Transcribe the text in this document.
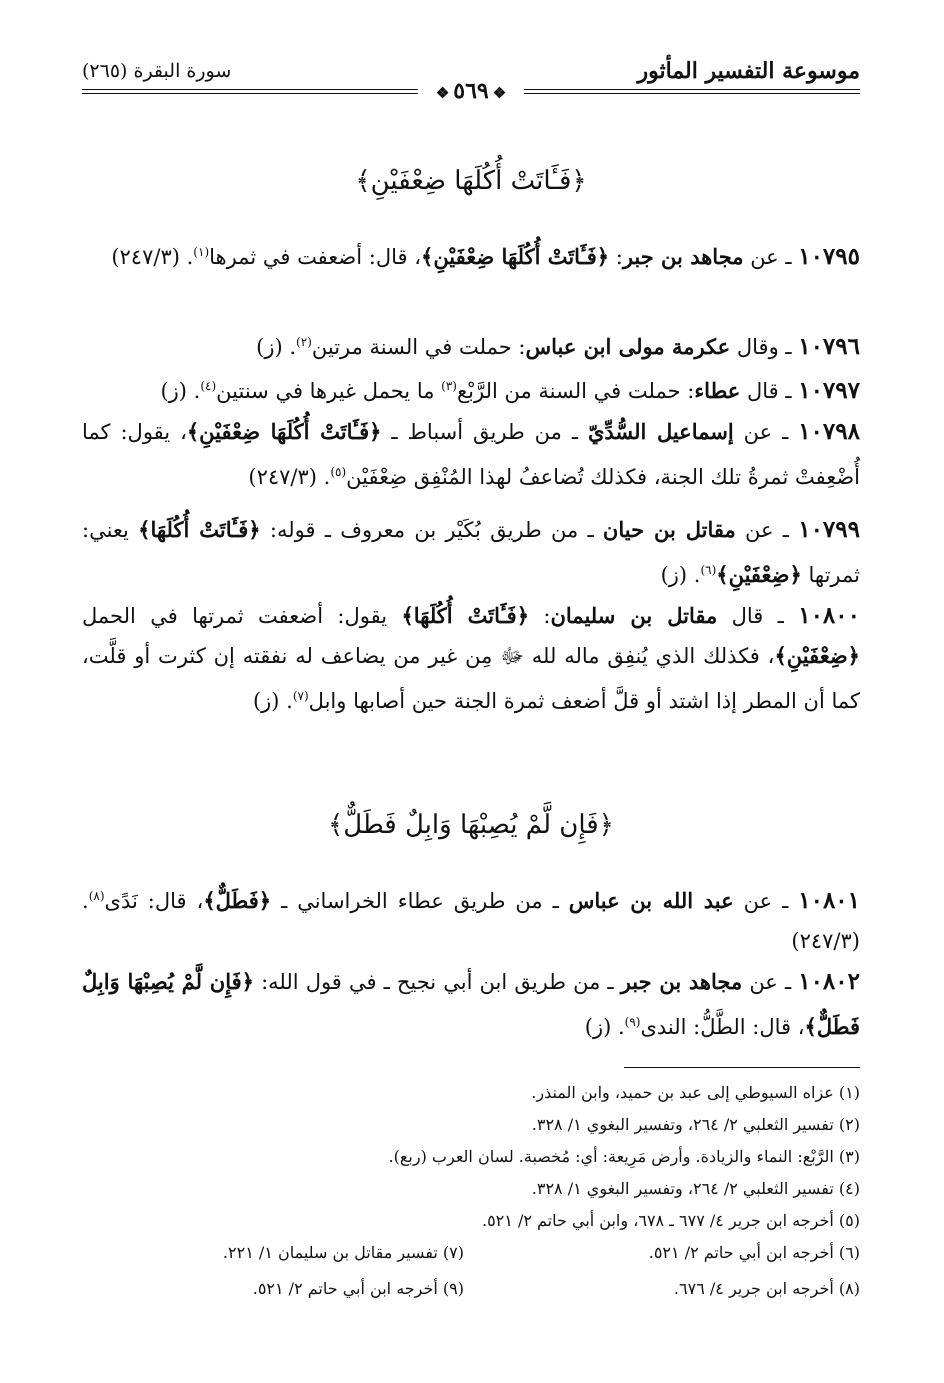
موسوعة التفسير المأثور
سورة البقرة (٢٦٥)
❖٥٦٩❖
﴿فَـَٔاتَتْ أُكُلَهَا ضِعْفَيْنِ﴾
١٠٧٩٥ ـ عن مجاهد بن جبر: ﴿فَـَٔاتَتْ أُكُلَهَا ضِعْفَيْنِ﴾، قال: أضعفت في ثمرها$^{(١)}$. (٢٤٧/٣)
١٠٧٩٦ ـ وقال عكرمة مولى ابن عباس: حملت في السنة مرتين$^{(٢)}$. (ز)
١٠٧٩٧ ـ قال عطاء: حملت في السنة من الرَّبْع$^{(٣)}$ ما يحمل غيرها في سنتين$^{(٤)}$. (ز)
١٠٧٩٨ ـ عن إسماعيل السُّدِّيّ ـ من طريق أسباط ـ ﴿فَـَٔاتَتْ أُكُلَهَا ضِعْفَيْنِ﴾، يقول: كما أُضْعِفتْ ثمرةُ تلك الجنة، فكذلك تُضاعفُ لهذا المُنْفِق ضِعْفَيْن$^{(٥)}$. (٢٤٧/٣)
١٠٧٩٩ ـ عن مقاتل بن حيان ـ من طريق بُكَيْر بن معروف ـ قوله: ﴿فَـَٔاتَتْ أُكُلَهَا﴾ يعني: ثمرتها ﴿ضِعْفَيْنِ﴾$^{(٦)}$. (ز)
١٠٨٠٠ ـ قال مقاتل بن سليمان: ﴿فَـَٔاتَتْ أُكُلَهَا﴾ يقول: أضعفت ثمرتها في الحمل ﴿ضِعْفَيْنِ﴾، فكذلك الذي يُنفِق ماله لله ﷻ مِن غير من يضاعف له نفقته إن كثرت أو قلَّت، كما أن المطر إذا اشتد أو قلَّ أضعف ثمرة الجنة حين أصابها وابل$^{(٧)}$. (ز)
﴿فَإِن لَّمْ يُصِبْهَا وَابِلٌ فَطَلٌّ﴾
١٠٨٠١ ـ عن عبد الله بن عباس ـ من طريق عطاء الخراساني ـ ﴿فَطَلٌّ﴾، قال: نَدًى$^{(٨)}$. (٢٤٧/٣)
١٠٨٠٢ ـ عن مجاهد بن جبر ـ من طريق ابن أبي نجيح ـ في قول الله: ﴿فَإِن لَّمْ يُصِبْهَا وَابِلٌ فَطَلٌّ﴾، قال: الطَّلُّ: الندى$^{(٩)}$. (ز)
(١) عزاه السيوطي إلى عبد بن حميد، وابن المنذر.
(٢) تفسير الثعلبي ٢/ ٢٦٤، وتفسير البغوي ١/ ٣٢٨.
(٣) الرَّبْع: النماء والزيادة. وأرض مَرِيعة: أي: مُخصبة. لسان العرب (ربع).
(٤) تفسير الثعلبي ٢/ ٢٦٤، وتفسير البغوي ١/ ٣٢٨.
(٥) أخرجه ابن جرير ٤/ ٦٧٧ ـ ٦٧٨، وابن أبي حاتم ٢/ ٥٢١.
(٦) أخرجه ابن أبي حاتم ٢/ ٥٢١.
(٧) تفسير مقاتل بن سليمان ١/ ٢٢١.
(٨) أخرجه ابن جرير ٤/ ٦٧٦.
(٩) أخرجه ابن أبي حاتم ٢/ ٥٢١.
